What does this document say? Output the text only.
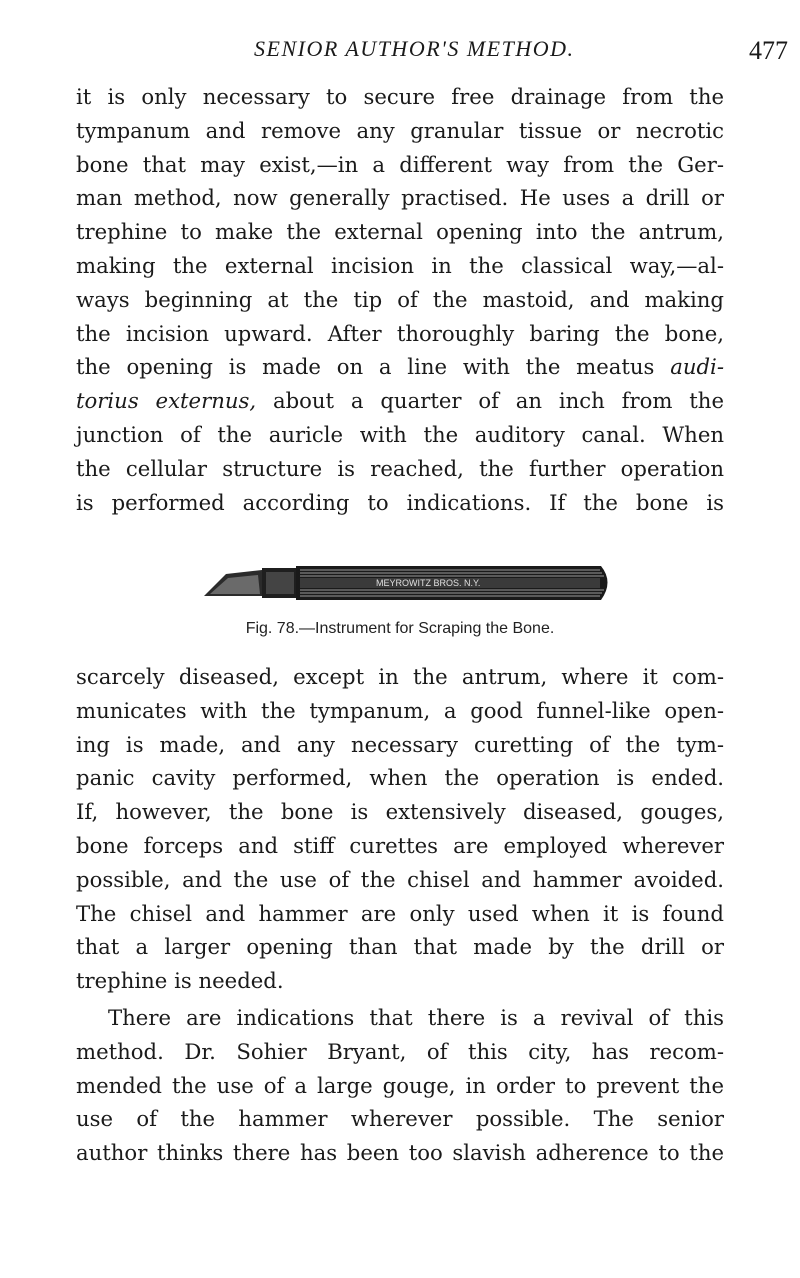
SENIOR AUTHOR'S METHOD.	477
it is only necessary to secure free drainage from the
tympanum and remove any granular tissue or necrotic
bone that may exist,—in a different way from the Ger-
man method, now generally practised. He uses a drill or
trephine to make the external opening into the antrum,
making the external incision in the classical way,—al-
ways beginning at the tip of the mastoid, and making
the incision upward. After thoroughly baring the bone,
the opening is made on a line with the meatus audi-
torius externus, about a quarter of an inch from the
junction of the auricle with the auditory canal. When
the cellular structure is reached, the further operation
is performed according to indications. If the bone is
MEYROWITZ BROS. N.Y.
Fig. 78.—Instrument for Scraping the Bone.
scarcely diseased, except in the antrum, where it com-
municates with the tympanum, a good funnel-like open-
ing is made, and any necessary curetting of the tym-
panic cavity performed, when the operation is ended.
If, however, the bone is extensively diseased, gouges,
bone forceps and stiff curettes are employed wherever
possible, and the use of the chisel and hammer avoided.
The chisel and hammer are only used when it is found
that a larger opening than that made by the drill or
trephine is needed.
There are indications that there is a revival of this
method. Dr. Sohier Bryant, of this city, has recom-
mended the use of a large gouge, in order to prevent the
use of the hammer wherever possible. The senior
author thinks there has been too slavish adherence to the
